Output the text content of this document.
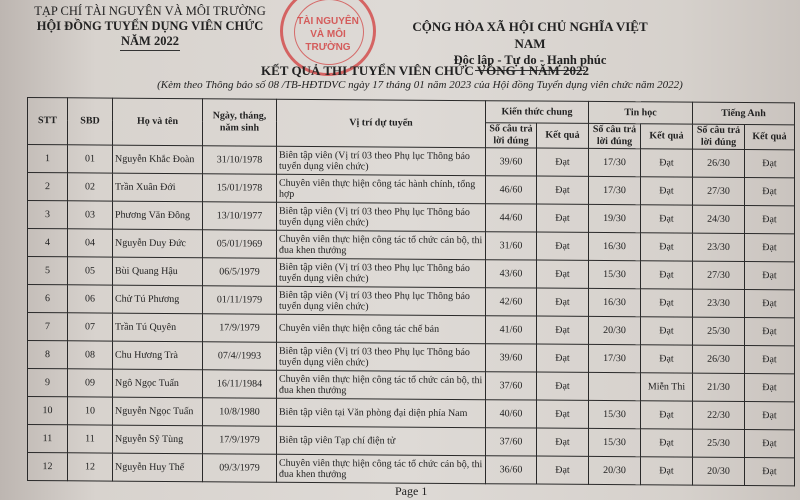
TẠP CHÍ TÀI NGUYÊN VÀ MÔI TRƯỜNG
HỘI ĐỒNG TUYỂN DỤNG VIÊN CHỨC
NĂM 2022
TÀI NGUYÊN VÀ MÔI TRƯỜNG
CỘNG HÒA XÃ HỘI CHỦ NGHĨA VIỆT NAM
Độc lập - Tự do - Hạnh phúc
KẾT QUẢ THI TUYỂN VIÊN CHỨC VÒNG 1 NĂM 2022
(Kèm theo Thông báo số 08 /TB-HĐTDVC ngày 17 tháng 01 năm 2023 của Hội đồng Tuyển dụng viên chức năm 2022)
STT	SBD	Họ và tên	Ngày, tháng, năm sinh	Vị trí dự tuyển	Kiến thức chung		Tin học		Tiếng Anh	
					Số câu trả lời đúng	Kết quả	Số câu trả lời đúng	Kết quả	Số câu trả lời đúng	Kết quả
1	01	Nguyễn Khắc Đoàn	31/10/1978	Biên tập viên (Vị trí 03 theo Phụ lục Thông báo tuyển dụng viên chức)	39/60	Đạt	17/30	Đạt	26/30	Đạt
2	02	Trần Xuân Đới	15/01/1978	Chuyên viên thực hiện công tác hành chính, tổng hợp	46/60	Đạt	17/30	Đạt	27/30	Đạt
3	03	Phương Văn Đông	13/10/1977	Biên tập viên (Vị trí 03 theo Phụ lục Thông báo tuyển dụng viên chức)	44/60	Đạt	19/30	Đạt	24/30	Đạt
4	04	Nguyễn Duy Đức	05/01/1969	Chuyên viên thực hiện công tác tổ chức cán bộ, thi đua khen thưởng	31/60	Đạt	16/30	Đạt	23/30	Đạt
5	05	Bùi Quang Hậu	06/5/1979	Biên tập viên (Vị trí 03 theo Phụ lục Thông báo tuyển dụng viên chức)	43/60	Đạt	15/30	Đạt	27/30	Đạt
6	06	Chử Tú Phương	01/11/1979	Biên tập viên (Vị trí 03 theo Phụ lục Thông báo tuyển dụng viên chức)	42/60	Đạt	16/30	Đạt	23/30	Đạt
7	07	Trần Tú Quyên	17/9/1979	Chuyên viên thực hiện công tác chế bản	41/60	Đạt	20/30	Đạt	25/30	Đạt
8	08	Chu Hương Trà	07/4//1993	Biên tập viên (Vị trí 03 theo Phụ lục Thông báo tuyển dụng viên chức)	39/60	Đạt	17/30	Đạt	26/30	Đạt
9	09	Ngô Ngọc Tuấn	16/11/1984	Chuyên viên thực hiện công tác tổ chức cán bộ, thi đua khen thưởng	37/60	Đạt		Miễn Thi	21/30	Đạt
10	10	Nguyễn Ngọc Tuấn	10/8/1980	Biên tập viên tại Văn phòng đại diện phía Nam	40/60	Đạt	15/30	Đạt	22/30	Đạt
11	11	Nguyễn Sỹ Tùng	17/9/1979	Biên tập viên Tạp chí điện tử	37/60	Đạt	15/30	Đạt	25/30	Đạt
12	12	Nguyễn Huy Thế	09/3/1979	Chuyên viên thực hiện công tác tổ chức cán bộ, thi đua khen thưởng	36/60	Đạt	20/30	Đạt	20/30	Đạt
Page 1
